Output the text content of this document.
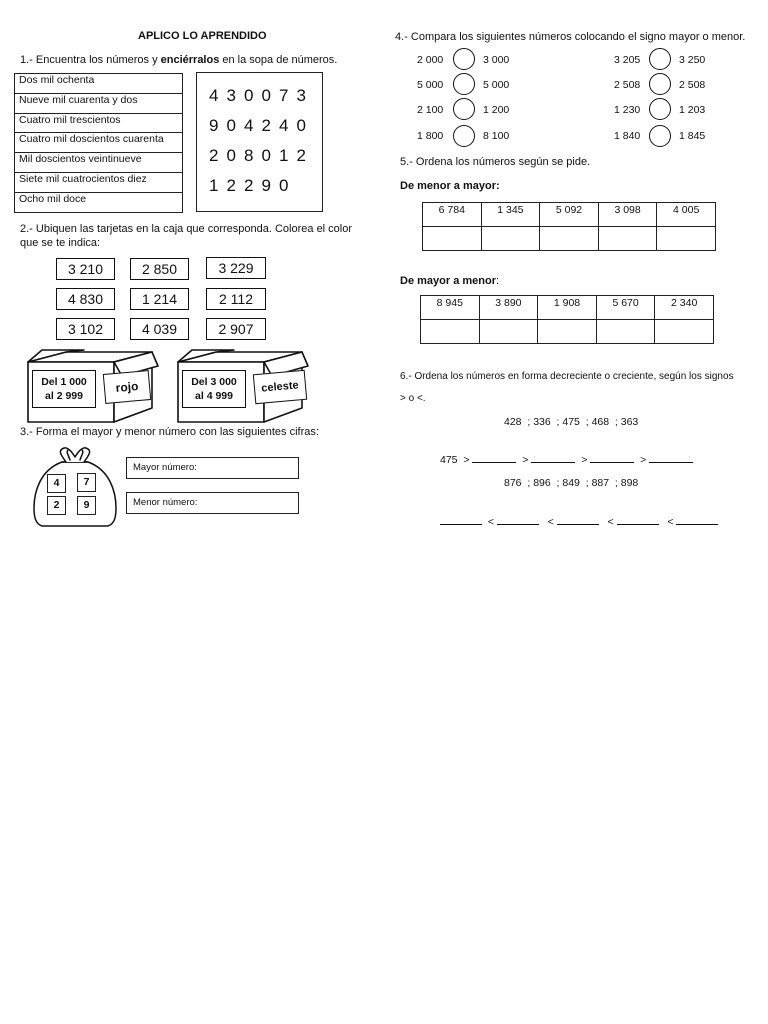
APLICO LO APRENDIDO
1.- Encuentra los números y enciérralos en la sopa de números.
Dos mil ochenta
Nueve mil cuarenta y dos
Cuatro mil trescientos
Cuatro mil doscientos cuarenta
Mil doscientos veintinueve
Siete mil cuatrocientos diez
Ocho mil doce
4 3 0 0 7 3
9 0 4 2 4 0
2 0 8 0 1 2
1 2 2 9 0
2.- Ubiquen las tarjetas en la caja que corresponda. Colorea el color
que se te indica:
3 210	2 850	3 229
4 830	1 214	2 112
3 102	4 039	2 907
Del 1 000
al 2 999
rojo	Del 3 000
al 4 999
celeste
3.- Forma el mayor y menor número con las siguientes cifras:
4	7
2	9
Mayor número:
Menor número:
4.- Compara los siguientes números colocando el signo mayor o menor.
2 000	3 000
5 000	5 000
2 100	1 200
1 800	8 100
3 205	3 250
2 508	2 508
1 230	1 203
1 840	1 845
5.- Ordena los números según se pide.
De menor a mayor:
6 784	1 345	5 092	3 098	4 005

De mayor a menor:
8 945	3 890	1 908	5 670	2 340

6.- Ordena los números en forma decreciente o creciente, según los signos
> o <.
428  ; 336  ; 475  ; 468  ; 363
475 >	>	>	>
876  ; 896  ; 849  ; 887  ; 898
<	<	<	<
